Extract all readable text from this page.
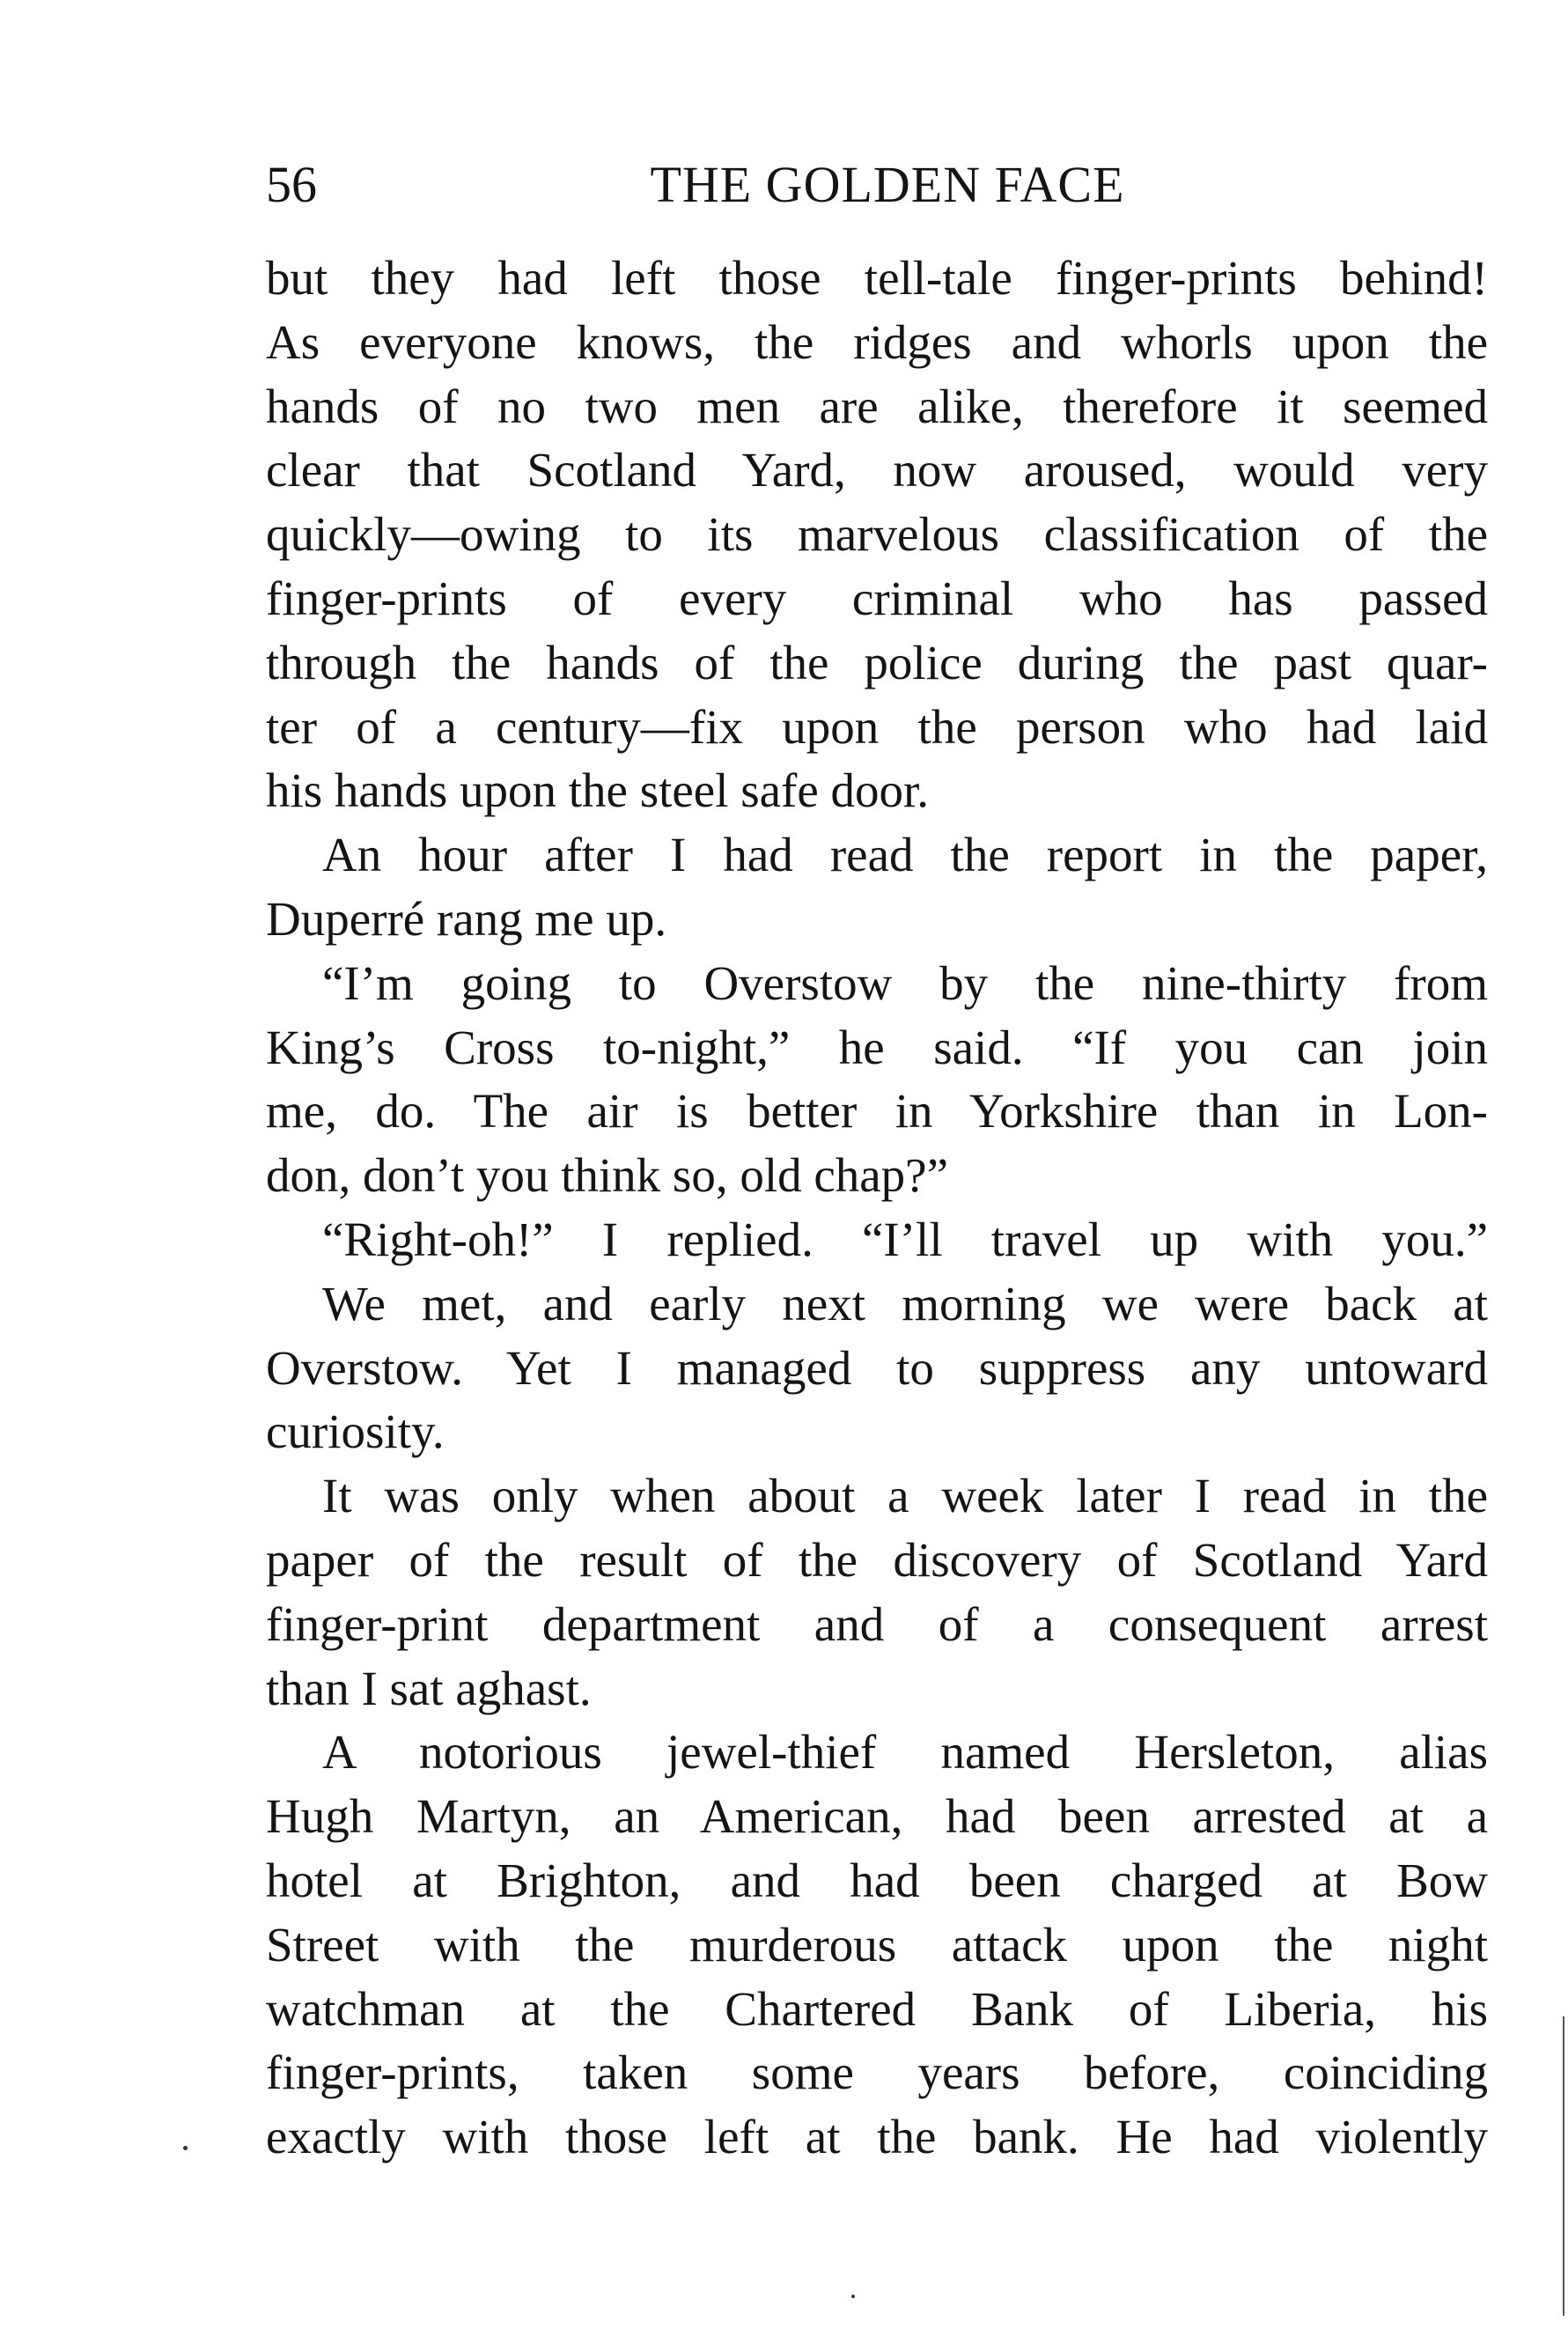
56	THE GOLDEN FACE
but they had left those tell-tale finger-prints behind!
As everyone knows, the ridges and whorls upon the
hands of no two men are alike, therefore it seemed
clear that Scotland Yard, now aroused, would very
quickly—owing to its marvelous classification of the
finger-prints of every criminal who has passed
through the hands of the police during the past quar-
ter of a century—fix upon the person who had laid
his hands upon the steel safe door.
An hour after I had read the report in the paper,
Duperré rang me up.
“I’m going to Overstow by the nine-thirty from
King’s Cross to-night,” he said. “If you can join
me, do. The air is better in Yorkshire than in Lon-
don, don’t you think so, old chap?”
“Right-oh!” I replied. “I’ll travel up with you.”
We met, and early next morning we were back at
Overstow. Yet I managed to suppress any untoward
curiosity.
It was only when about a week later I read in the
paper of the result of the discovery of Scotland Yard
finger-print department and of a consequent arrest
than I sat aghast.
A notorious jewel-thief named Hersleton, alias
Hugh Martyn, an American, had been arrested at a
hotel at Brighton, and had been charged at Bow
Street with the murderous attack upon the night
watchman at the Chartered Bank of Liberia, his
finger-prints, taken some years before, coinciding
exactly with those left at the bank. He had violently
